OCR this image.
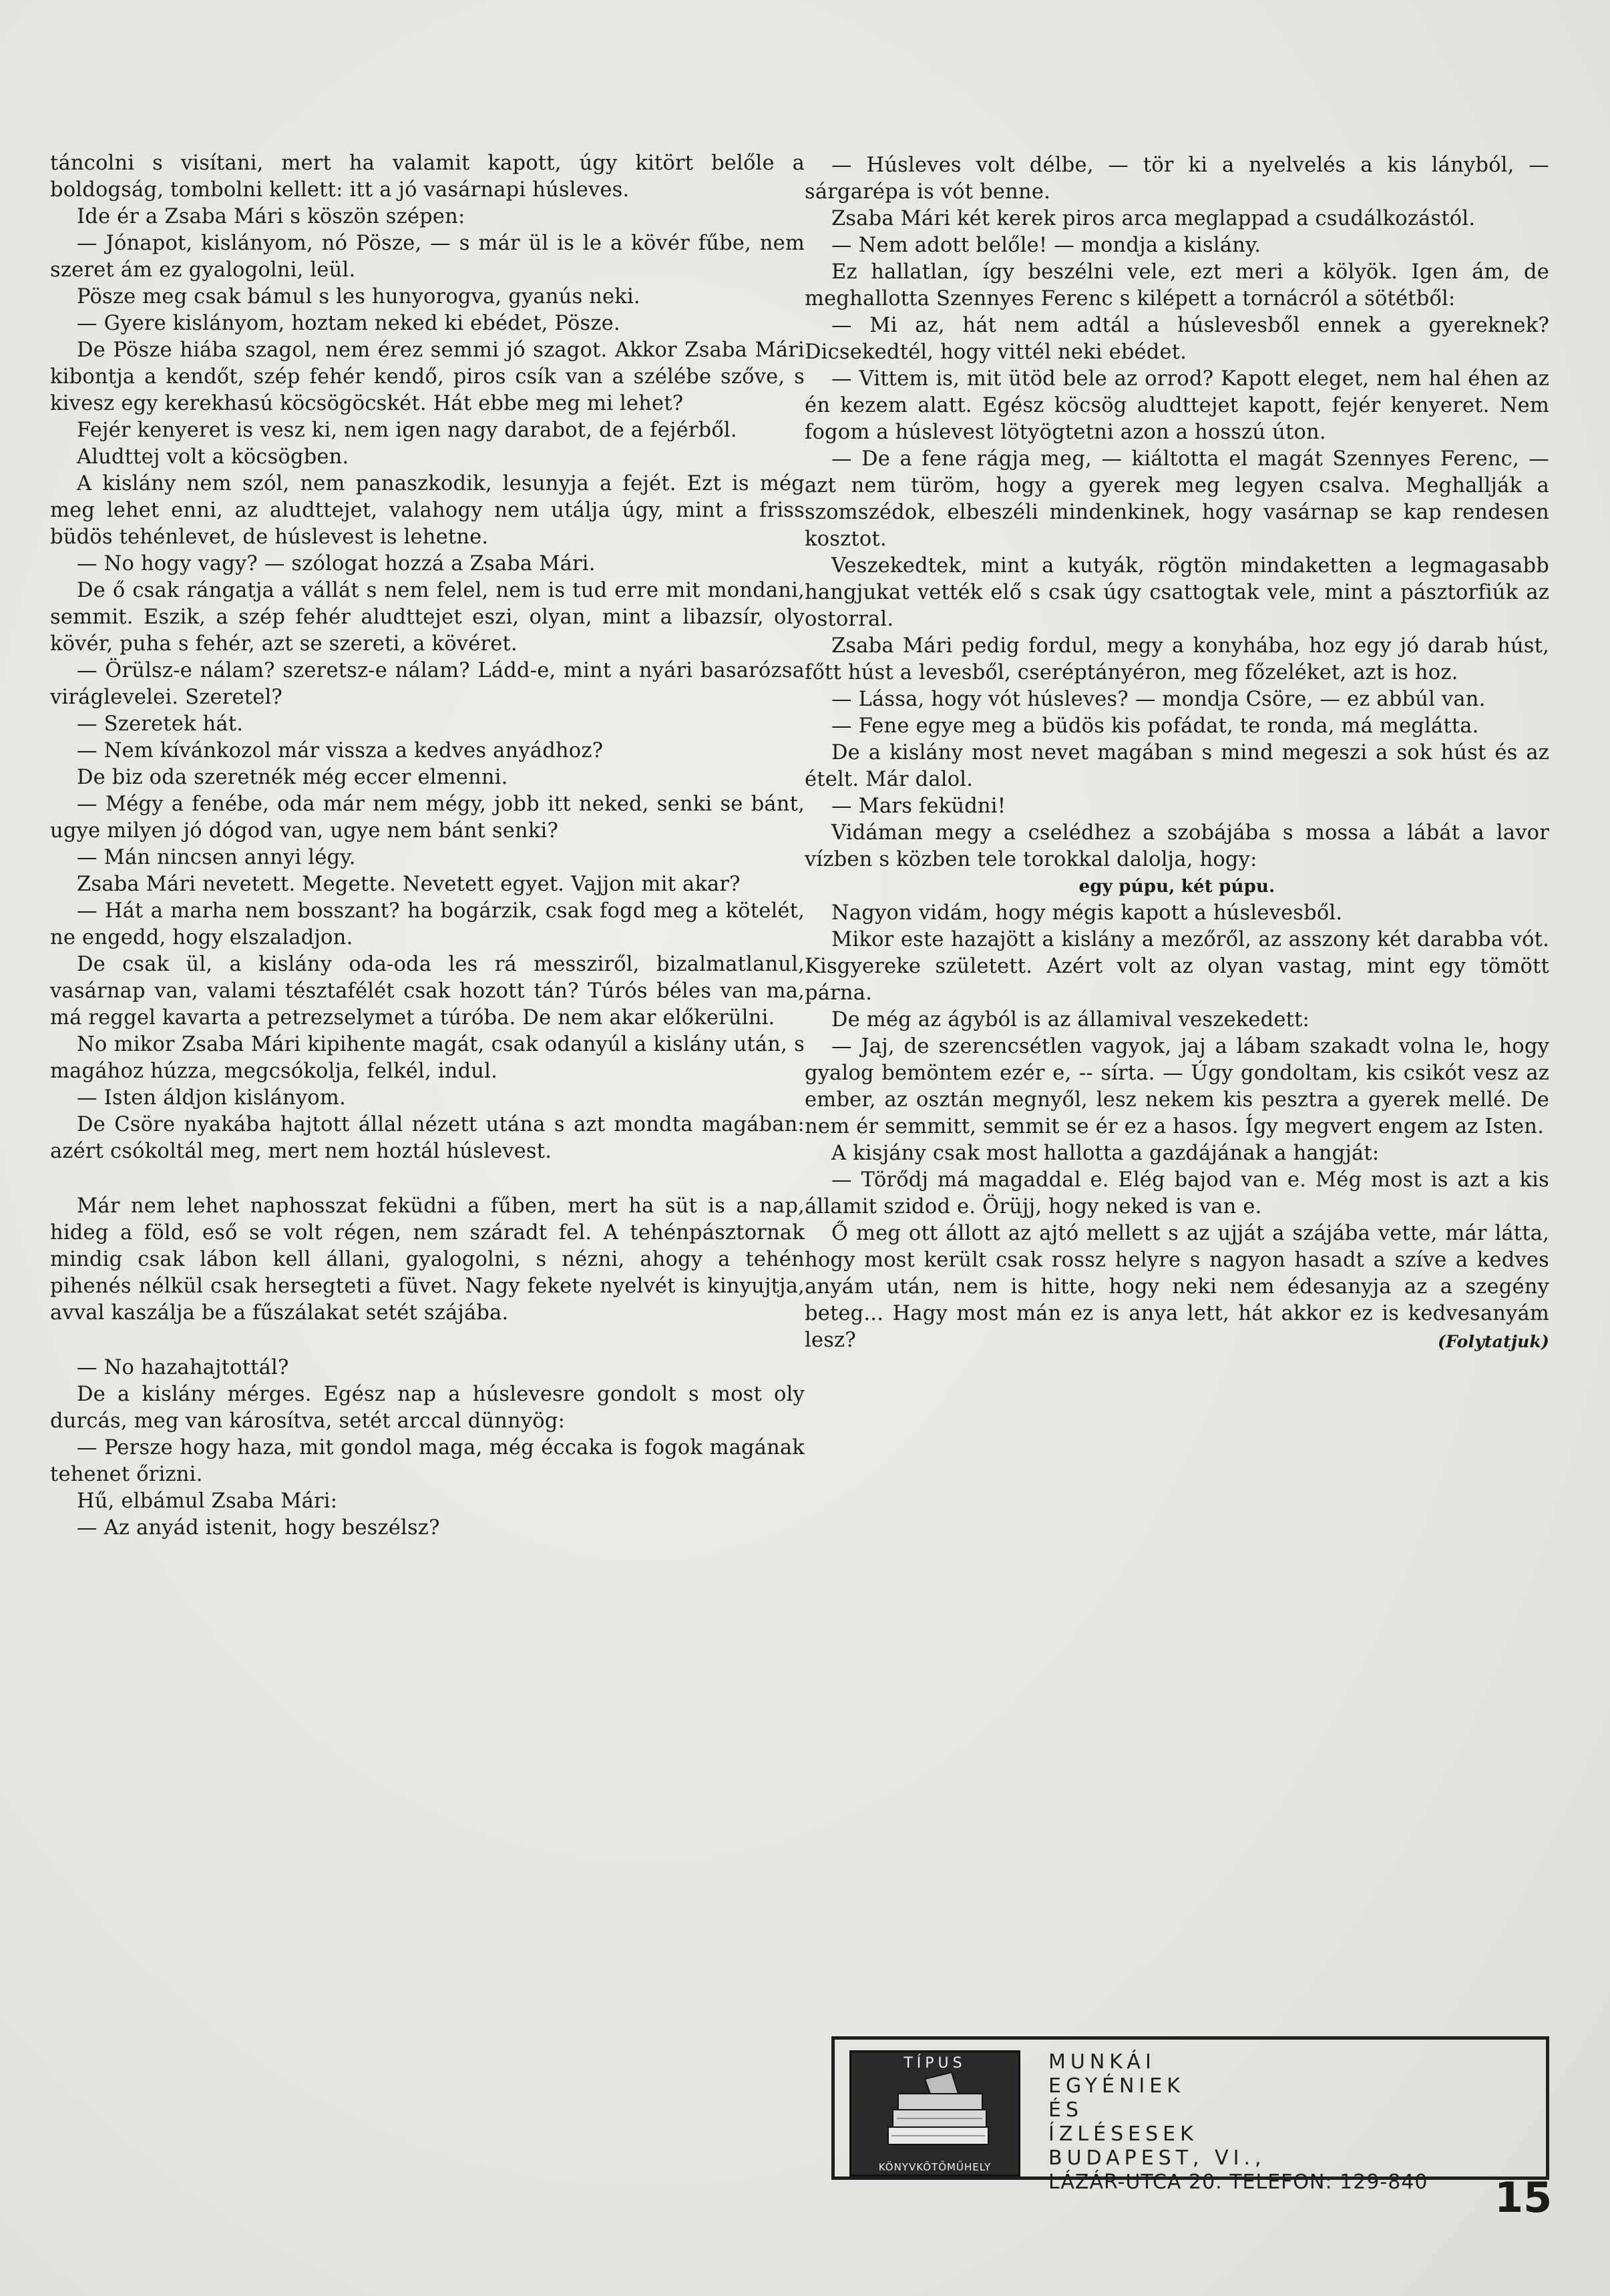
táncolni s visítani, mert ha valamit kapott, úgy kitört belőle a boldogság, tombolni kellett: itt a jó vasárnapi húsleves.

Ide ér a Zsaba Mári s köszön szépen:

— Jónapot, kislányom, nó Pösze, — s már ül is le a kövér fűbe, nem szeret ám ez gyalogolni, leül.

Pösze meg csak bámul s les hunyorogva, gyanús neki.

— Gyere kislányom, hoztam neked ki ebédet, Pösze.

De Pösze hiába szagol, nem érez semmi jó szagot. Akkor Zsaba Mári kibontja a kendőt, szép fehér kendő, piros csík van a szélébe szőve, s kivesz egy kerekhasú köcsögöcskét. Hát ebbe meg mi lehet?

Fejér kenyeret is vesz ki, nem igen nagy darabot, de a fejérből.

Aludttej volt a köcsögben.

A kislány nem szól, nem panaszkodik, lesunyja a fejét. Ezt is még meg lehet enni, az aludttejet, valahogy nem utálja úgy, mint a friss büdös tehénlevet, de húslevest is lehetne.

— No hogy vagy? — szólogat hozzá a Zsaba Mári.

De ő csak rángatja a vállát s nem felel, nem is tud erre mit mondani, semmit. Eszik, a szép fehér aludttejet eszi, olyan, mint a libazsír, oly kövér, puha s fehér, azt se szereti, a kövéret.

— Örülsz-e nálam? szeretsz-e nálam? Ládd-e, mint a nyári basarózsa viráglevelei. Szeretel?

— Szeretek hát.

— Nem kívánkozol már vissza a kedves anyádhoz?

De biz oda szeretnék még eccer elmenni.

— Mégy a fenébe, oda már nem mégy, jobb itt neked, senki se bánt, ugye milyen jó dógod van, ugye nem bánt senki?

— Mán nincsen annyi légy.

Zsaba Mári nevetett. Megette. Nevetett egyet. Vajjon mit akar?

— Hát a marha nem bosszant? ha bogárzik, csak fogd meg a kötelét, ne engedd, hogy elszaladjon.

De csak ül, a kislány oda-oda les rá messziről, bizalmatlanul, vasárnap van, valami tésztafélét csak hozott tán? Túrós béles van ma, má reggel kavarta a petrezselymet a túróba. De nem akar előkerülni.

No mikor Zsaba Mári kipihente magát, csak odanyúl a kislány után, s magához húzza, megcsókolja, felkél, indul.

— Isten áldjon kislányom.

De Csöre nyakába hajtott állal nézett utána s azt mondta magában: azért csókoltál meg, mert nem hoztál húslevest.

Már nem lehet naphosszat feküdni a fűben, mert ha süt is a nap, hideg a föld, eső se volt régen, nem száradt fel. A tehénpásztornak mindig csak lábon kell állani, gyalogolni, s nézni, ahogy a tehén pihenés nélkül csak hersegteti a füvet. Nagy fekete nyelvét is kinyujtja, avval kaszálja be a fűszálakat setét szájába.

— No hazahajtottál?

De a kislány mérges. Egész nap a húslevesre gondolt s most oly durcás, meg van károsítva, setét arccal dünnyög:

— Persze hogy haza, mit gondol maga, még éccaka is fogok magának tehenet őrizni.

Hű, elbámul Zsaba Mári:

— Az anyád istenit, hogy beszélsz?

— Húsleves volt délbe, — tör ki a nyelvelés a kis lányból, — sárgarépa is vót benne.

Zsaba Mári két kerek piros arca meglappad a csudálkozástól.

— Nem adott belőle! — mondja a kislány.

Ez hallatlan, így beszélni vele, ezt meri a kölyök. Igen ám, de meghallotta Szennyes Ferenc s kilépett a tornácról a sötétből:

— Mi az, hát nem adtál a húslevesből ennek a gyereknek? Dicsekedtél, hogy vittél neki ebédet.

— Vittem is, mit ütöd bele az orrod? Kapott eleget, nem hal éhen az én kezem alatt. Egész köcsög aludttejet kapott, fejér kenyeret. Nem fogom a húslevest lötyögtetni azon a hosszú úton.

— De a fene rágja meg, — kiáltotta el magát Szennyes Ferenc, — azt nem türöm, hogy a gyerek meg legyen csalva. Meghallják a szomszédok, elbeszéli mindenkinek, hogy vasárnap se kap rendesen kosztot.

Veszekedtek, mint a kutyák, rögtön mindaketten a legmagasabb hangjukat vették elő s csak úgy csattogtak vele, mint a pásztorfiúk az ostorral.

Zsaba Mári pedig fordul, megy a konyhába, hoz egy jó darab húst, főtt húst a levesből, cseréptányéron, meg főzeléket, azt is hoz.

— Lássa, hogy vót húsleves? — mondja Csöre, — ez abbúl van.

— Fene egye meg a büdös kis pofádat, te ronda, má meglátta.

De a kislány most nevet magában s mind megeszi a sok húst és az ételt. Már dalol.

— Mars feküdni!

Vidáman megy a cselédhez a szobájába s mossa a lábát a lavor vízben s közben tele torokkal dalolja, hogy:

egy púpu, két púpu.

Nagyon vidám, hogy mégis kapott a húslevesből.

Mikor este hazajött a kislány a mezőről, az asszony két darabba vót. Kisgyereke született. Azért volt az olyan vastag, mint egy tömött párna.

De még az ágyból is az államival veszekedett:

— Jaj, de szerencsétlen vagyok, jaj a lábam szakadt volna le, hogy gyalog bemöntem ezér e, -- sírta. — Úgy gondoltam, kis csikót vesz az ember, az osztán megnyől, lesz nekem kis pesztra a gyerek mellé. De nem ér semmitt, semmit se ér ez a hasos. Így megvert engem az Isten.

A kisjány csak most hallotta a gazdájának a hangját:

— Törődj má magaddal e. Elég bajod van e. Még most is azt a kis államit szidod e. Örüjj, hogy neked is van e.

Ő meg ott állott az ajtó mellett s az ujját a szájába vette, már látta, hogy most került csak rossz helyre s nagyon hasadt a szíve a kedves anyám után, nem is hitte, hogy neki nem édesanyja az a szegény beteg... Hagy most mán ez is anya lett, hát akkor ez is kedvesanyám lesz?	(Folytatjuk)

TÍPUS
KÖNYVKÖTŐMŰHELY
MUNKÁI
EGYÉNIEK
ÉS
ÍZLÉSESEK
BUDAPEST, VI.,
LÁZÁR-UTCA 20. TELEFON: 129-840	15
